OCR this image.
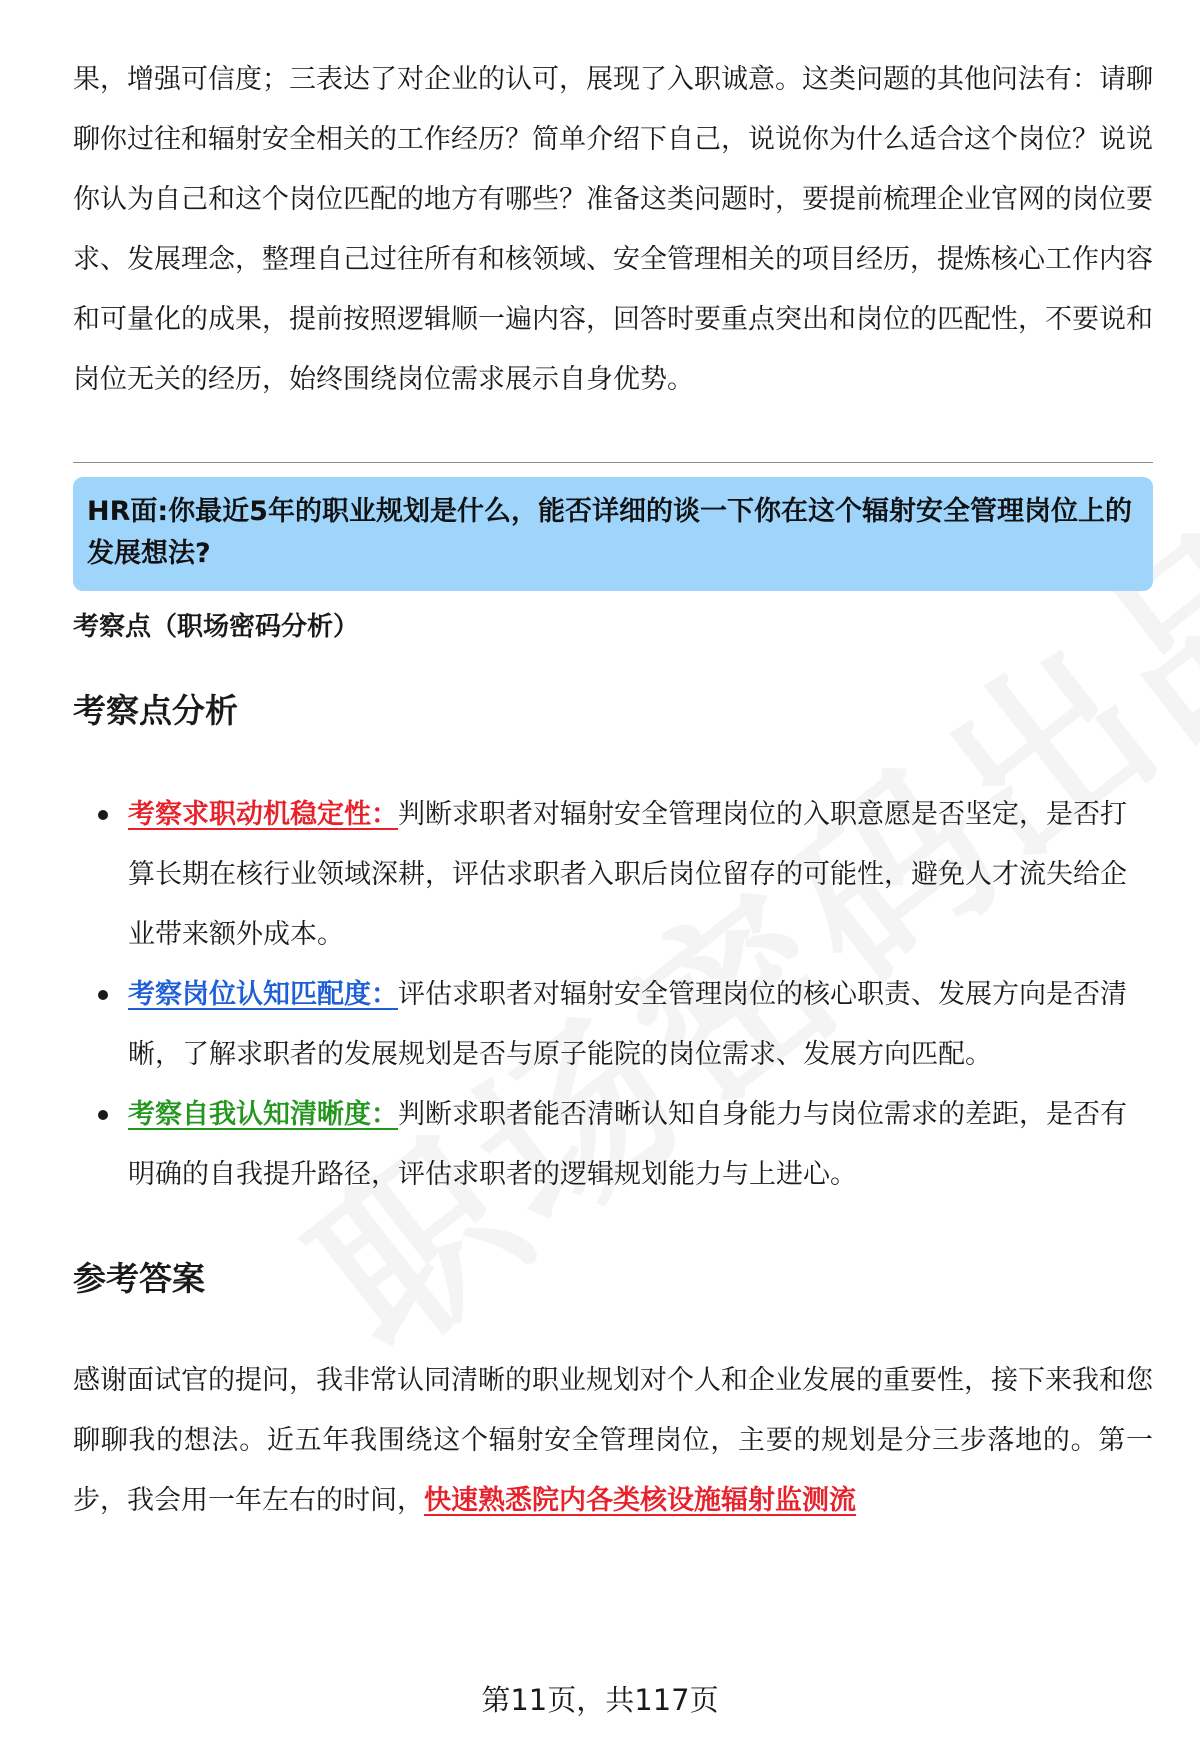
果，增强可信度；三表达了对企业的认可，展现了入职诚意。这类问题的其他问法有：请聊聊你过往和辐射安全相关的工作经历？简单介绍下自己，说说你为什么适合这个岗位？说说你认为自己和这个岗位匹配的地方有哪些？准备这类问题时，要提前梳理企业官网的岗位要求、发展理念，整理自己过往所有和核领域、安全管理相关的项目经历，提炼核心工作内容和可量化的成果，提前按照逻辑顺一遍内容，回答时要重点突出和岗位的匹配性，不要说和岗位无关的经历，始终围绕岗位需求展示自身优势。

HR面:你最近5年的职业规划是什么，能否详细的谈一下你在这个辐射安全管理岗位上的发展想法?
考察点（职场密码分析）
考察点分析
考察求职动机稳定性：判断求职者对辐射安全管理岗位的入职意愿是否坚定，是否打算长期在核行业领域深耕，评估求职者入职后岗位留存的可能性，避免人才流失给企业带来额外成本。
考察岗位认知匹配度：评估求职者对辐射安全管理岗位的核心职责、发展方向是否清晰，了解求职者的发展规划是否与原子能院的岗位需求、发展方向匹配。
考察自我认知清晰度：判断求职者能否清晰认知自身能力与岗位需求的差距，是否有明确的自我提升路径，评估求职者的逻辑规划能力与上进心。
参考答案

感谢面试官的提问，我非常认同清晰的职业规划对个人和企业发展的重要性，接下来我和您聊聊我的想法。近五年我围绕这个辐射安全管理岗位，主要的规划是分三步落地的。第一步，我会用一年左右的时间，快速熟悉院内各类核设施辐射监测流

第11页，共117页
